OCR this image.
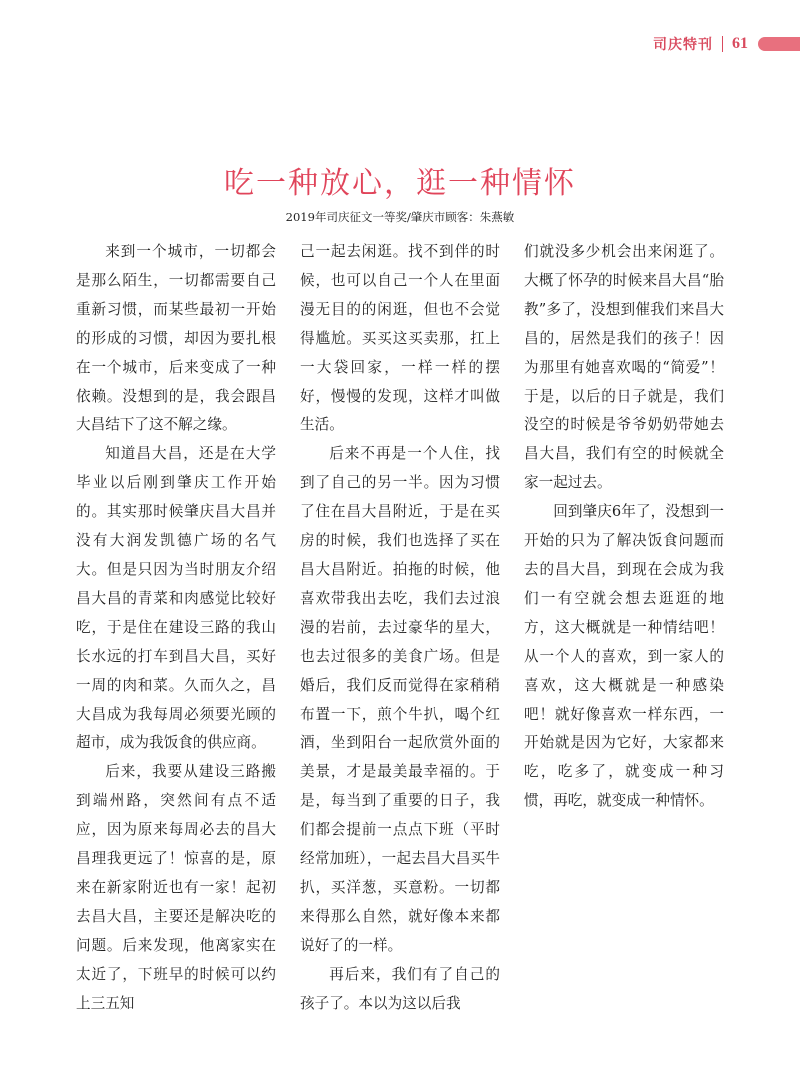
司庆特刊 61
吃一种放心，逛一种情怀
2019年司庆征文一等奖/肇庆市顾客：朱燕敏

来到一个城市，一切都会是那么陌生，一切都需要自己重新习惯，而某些最初一开始的形成的习惯，却因为要扎根在一个城市，后来变成了一种依赖。没想到的是，我会跟昌大昌结下了这不解之缘。

知道昌大昌，还是在大学毕业以后刚到肇庆工作开始的。其实那时候肇庆昌大昌并没有大润发凯德广场的名气大。但是只因为当时朋友介绍昌大昌的青菜和肉感觉比较好吃，于是住在建设三路的我山长水远的打车到昌大昌，买好一周的肉和菜。久而久之，昌大昌成为我每周必须要光顾的超市，成为我饭食的供应商。

后来，我要从建设三路搬到端州路，突然间有点不适应，因为原来每周必去的昌大昌理我更远了！惊喜的是，原来在新家附近也有一家！起初去昌大昌，主要还是解决吃的问题。后来发现，他离家实在太近了，下班早的时候可以约上三五知

己一起去闲逛。找不到伴的时候，也可以自己一个人在里面漫无目的的闲逛，但也不会觉得尴尬。买买这买卖那，扛上一大袋回家，一样一样的摆好，慢慢的发现，这样才叫做生活。

后来不再是一个人住，找到了自己的另一半。因为习惯了住在昌大昌附近，于是在买房的时候，我们也选择了买在昌大昌附近。拍拖的时候，他喜欢带我出去吃，我们去过浪漫的岩前，去过豪华的星大，也去过很多的美食广场。但是婚后，我们反而觉得在家稍稍布置一下，煎个牛扒，喝个红酒，坐到阳台一起欣赏外面的美景，才是最美最幸福的。于是，每当到了重要的日子，我们都会提前一点点下班（平时经常加班），一起去昌大昌买牛扒，买洋葱，买意粉。一切都来得那么自然，就好像本来都说好了的一样。

再后来，我们有了自己的孩子了。本以为这以后我

们就没多少机会出来闲逛了。大概了怀孕的时候来昌大昌“胎教”多了，没想到催我们来昌大昌的，居然是我们的孩子！因为那里有她喜欢喝的“简爱”！于是，以后的日子就是，我们没空的时候是爷爷奶奶带她去昌大昌，我们有空的时候就全家一起过去。

回到肇庆6年了，没想到一开始的只为了解决饭食问题而去的昌大昌，到现在会成为我们一有空就会想去逛逛的地方，这大概就是一种情结吧！从一个人的喜欢，到一家人的喜欢，这大概就是一种感染吧！就好像喜欢一样东西，一开始就是因为它好，大家都来吃，吃多了，就变成一种习惯，再吃，就变成一种情怀。
